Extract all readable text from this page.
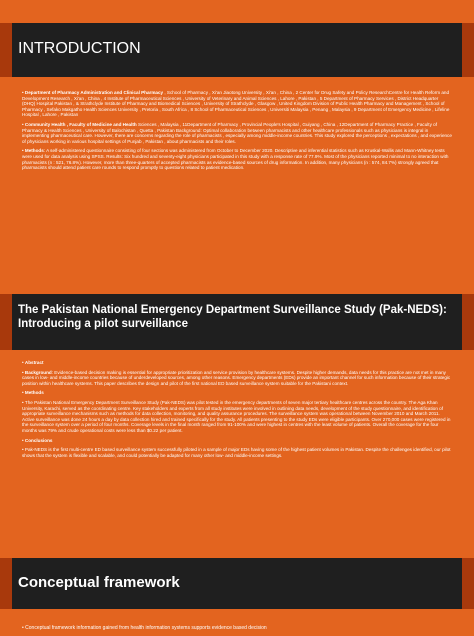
INTRODUCTION
• Department of Pharmacy Administration and Clinical Pharmacy , School of Pharmacy , Xi'an Jiaotong University , Xi'an , China , 2 Center for Drug Safety and Policy ResearchCentre for Health Reform and Development Research , Xi'an , China , 4 Institute of Pharmaceutical Sciences , University of Veterinary and Animal Sciences , Lahore , Pakistan , 5 Department of Pharmacy Services , District Headquarter (DHQ) Hospital Pakistan , & Strathclyde Institute of Pharmacy and Biomedical Sciences , University of Strathclyde , Glasgow , United Kingdom Division of Public Health Pharmacy and Management , School of Pharmacy , Sefako Makgatho Health Sciences University , Pretoria , South Africa , 8 School of Pharmaceutical Sciences , Universiti Malaysia , Penang , Malaysia , 9 Department of Emergency Medicine , Lifeline Hospital , Lahore , Pakistan
• Community Health , Faculty of Medicine and Health Sciences , Malaysia , 11Department of Pharmacy , Provincial People's Hospital , Guiyang , China , 12Department of Pharmacy Practice , Faculty of Pharmacy & Health Sciences , University of Balochistan , Quetta , Pakistan Background: Optimal collaboration between pharmacists and other healthcare professionals such as physicians is integral in implementing pharmaceutical care. However, there are concerns regarding the role of pharmacists , especially among middle-income countries. This study explored the perceptions , expectations , and experience of physicians working in various hospital settings of Punjab , Pakistan , about pharmacists and their roles.
• Methods: A self-administered questionnaire consisting of four sections was administered from October to December 2020. Descriptive and inferential statistics such as Kruskal-Wallis and Mann-Whitney tests were used for data analysis using SPSS. Results: Six hundred and seventy-eight physicians participated in this study with a response rate of 77.9%. Most of the physicians reported minimal to no interaction with pharmacists (n : 521, 76.8%). However, more than three-quarters of accepted pharmacists as evidence-based sources of drug information. In addition, many physicians (n : 574, 84.7%) strongly agreed that pharmacists should attend patient care rounds to respond promptly to questions related to patient medication.
The Pakistan National Emergency Department Surveillance Study (Pak-NEDS): Introducing a pilot surveillance
• Abstract
• Background: Evidence-based decision making is essential for appropriate prioritization and service provision by healthcare systems. Despite higher demands, data needs for this practice are not met in many cases in low- and middle-income countries because of underdeveloped sources, among other reasons. Emergency departments (EDs) provide an important channel for such information because of their strategic position within healthcare systems. This paper describes the design and pilot of the first national ED based surveillance system suitable for the Pakistani context.
• Methods
• The Pakistan National Emergency Department Surveillance Study (Pak-NEDS) was pilot tested in the emergency departments of seven major tertiary healthcare centres across the country. The Aga Khan University, Karachi, served as the coordinating centre. Key stakeholders and experts from all study institutes were involved in outlining data needs, development of the study questionnaire, and identification of appropriate surveillance mechanisms such as methods for data collection, monitoring, and quality assurance procedures. The surveillance system was operational between November 2010 and March 2011. Active surveillance was done 24 hours a day by data collection hired and trained specifically for the study. All patients presenting to the study EDs were eligible participants. Over 270,000 cases were registered in the surveillance system over a period of four months. Coverage levels in the final month ranged from 91-100% and were highest in centres with the least volume of patients. Overall the coverage for the four months was 79% and crude operational costs were less than $0.22 per patient.
• Conclusions
• Pak-NEDS is the first multi-centre ED based surveillance system successfully piloted in a sample of major EDs having some of the highest patient volumes in Pakistan. Despite the challenges identified, our pilot shows that the system is flexible and scalable, and could potentially be adapted for many other low- and middle-income settings.
Conceptual framework
• Conceptual framework information gained from health information systems supports evidence based decision
